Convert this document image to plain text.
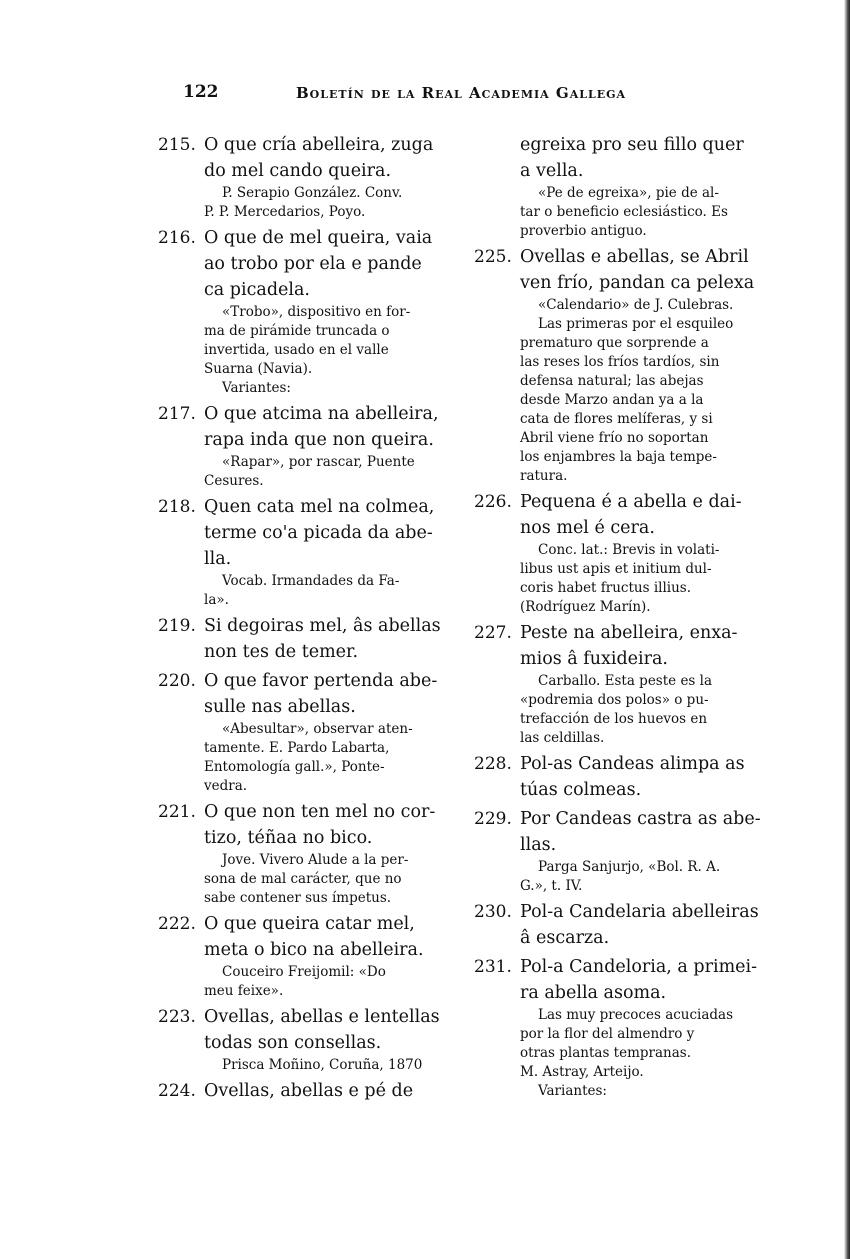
122	Boletín de la Real Academia Gallega
215. O que cría abelleira, zuga
do mel cando queira.
P. Serapio González. Conv.
P. P. Mercedarios, Poyo.
216. O que de mel queira, vaia
ao trobo por ela e pande
ca picadela.
«Trobo», dispositivo en for-
ma de pirámide truncada o
invertida, usado en el valle
Suarna (Navia).
Variantes:
217. O que atcima na abelleira,
rapa inda que non queira.
«Rapar», por rascar, Puente
Cesures.
218. Quen cata mel na colmea,
terme co'a picada da abe-
lla.
Vocab. Irmandades da Fa-
la».
219. Si degoiras mel, âs abellas
non tes de temer.
220. O que favor pertenda abe-
sulle nas abellas.
«Abesultar», observar aten-
tamente. E. Pardo Labarta,
Entomología gall.», Ponte-
vedra.
221. O que non ten mel no cor-
tizo, téñaa no bico.
Jove. Vivero Alude a la per-
sona de mal carácter, que no
sabe contener sus ímpetus.
222. O que queira catar mel,
meta o bico na abelleira.
Couceiro Freijomil: «Do
meu feixe».
223. Ovellas, abellas e lentellas
todas son consellas.
Prisca Moñino, Coruña, 1870
224. Ovellas, abellas e pé de
egreixa pro seu fillo quer
a vella.
«Pe de egreixa», pie de al-
tar o beneficio eclesiástico. Es
proverbio antiguo.
225. Ovellas e abellas, se Abril
ven frío, pandan ca pelexa
«Calendario» de J. Culebras.
Las primeras por el esquileo
prematuro que sorprende a
las reses los fríos tardíos, sin
defensa natural; las abejas
desde Marzo andan ya a la
cata de flores melíferas, y si
Abril viene frío no soportan
los enjambres la baja tempe-
ratura.
226. Pequena é a abella e dai-
nos mel é cera.
Conc. lat.: Brevis in volati-
libus ust apis et initium dul-
coris habet fructus illius.
(Rodríguez Marín).
227. Peste na abelleira, enxa-
mios â fuxideira.
Carballo. Esta peste es la
«podremia dos polos» o pu-
trefacción de los huevos en
las celdillas.
228. Pol-as Candeas alimpa as
túas colmeas.
229. Por Candeas castra as abe-
llas.
Parga Sanjurjo, «Bol. R. A.
G.», t. IV.
230. Pol-a Candelaria abelleiras
â escarza.
231. Pol-a Candeloria, a primei-
ra abella asoma.
Las muy precoces acuciadas
por la flor del almendro y
otras plantas tempranas.
M. Astray, Arteijo.
Variantes:
